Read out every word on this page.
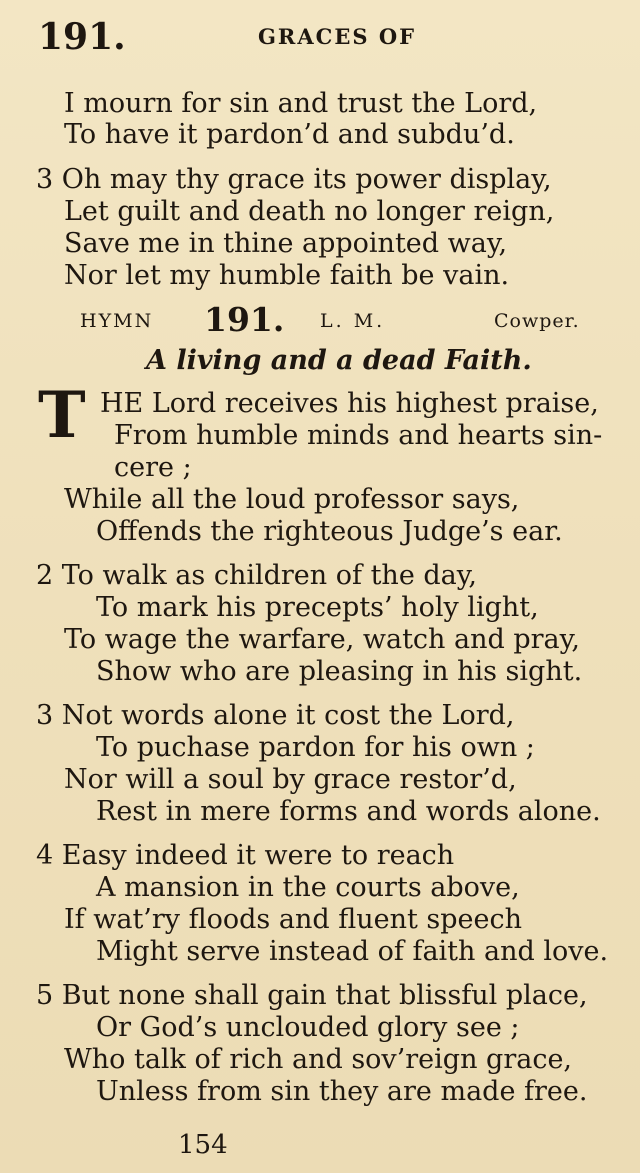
191.	GRACES OF
I mourn for sin and trust the Lord,
To have it pardon’d and subdu’d.
3 Oh may thy grace its power display,
Let guilt and death no longer reign,
Save me in thine appointed way,
Nor let my humble faith be vain.
HYMN 191. L. M.	Cowper.
A living and a dead Faith.
T HE Lord receives his highest praise,
From humble minds and hearts sin-
cere ;
While all the loud professor says,
Offends the righteous Judge’s ear.
2 To walk as children of the day,
To mark his precepts’ holy light,
To wage the warfare, watch and pray,
Show who are pleasing in his sight.
3 Not words alone it cost the Lord,
To puchase pardon for his own ;
Nor will a soul by grace restor’d,
Rest in mere forms and words alone.
4 Easy indeed it were to reach
A mansion in the courts above,
If wat’ry floods and fluent speech
Might serve instead of faith and love.
5 But none shall gain that blissful place,
Or God’s unclouded glory see ;
Who talk of rich and sov’reign grace,
Unless from sin they are made free.
154
